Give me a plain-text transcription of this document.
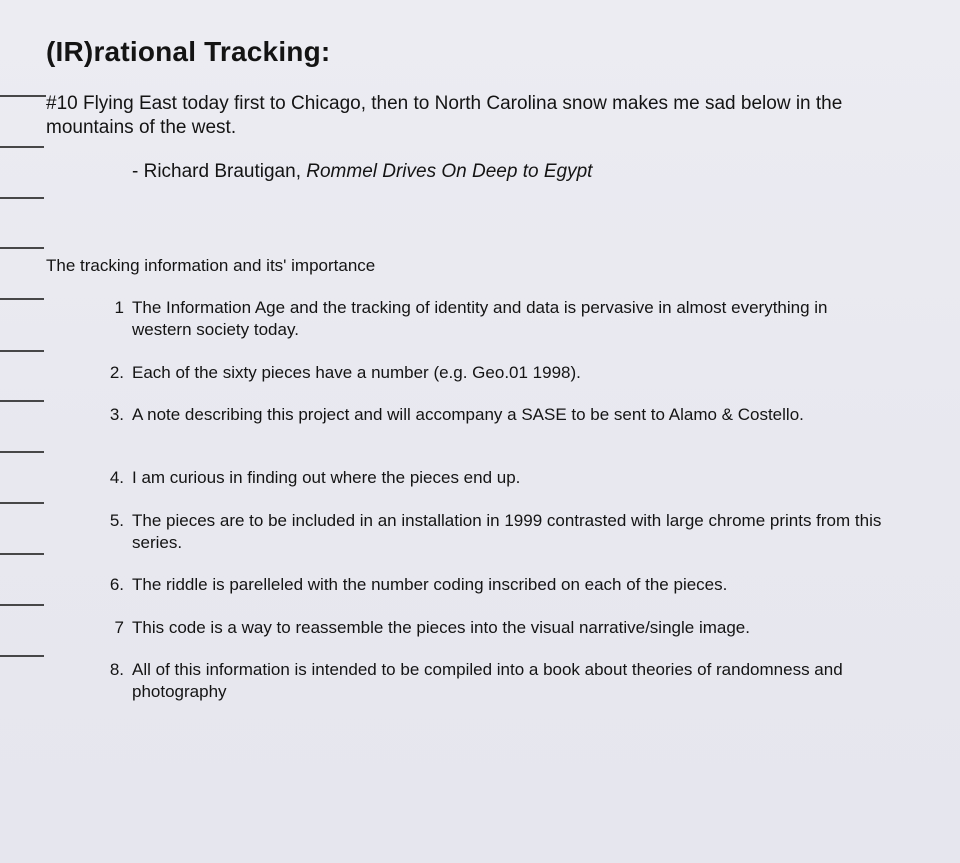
(IR)rational Tracking:

#10 Flying East today first to Chicago, then to North Carolina snow makes me sad below in the mountains of the west.

- Richard Brautigan, Rommel Drives On Deep to Egypt

The tracking information and its' importance
1 The Information Age and the tracking of identity and data is pervasive in almost everything in western society today.
2. Each of the sixty pieces have a number (e.g. Geo.01 1998).
3. A note describing this project and will accompany a SASE to be sent to Alamo & Costello.
4. I am curious in finding out where the pieces end up.
5. The pieces are to be included in an installation in 1999 contrasted with large chrome prints from this series.
6. The riddle is parelleled with the number coding inscribed on each of the pieces.
7 This code is a way to reassemble the pieces into the visual narrative/single image.
8. All of this information is intended to be compiled into a book about theories of randomness and photography
